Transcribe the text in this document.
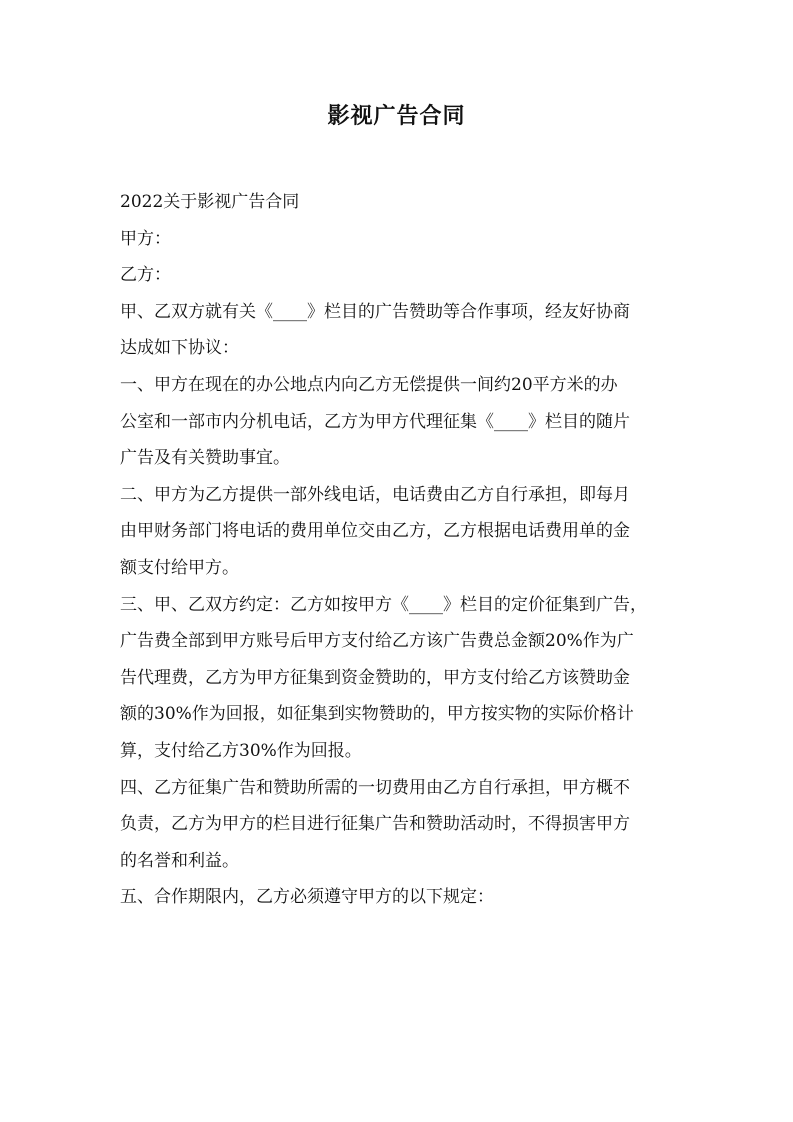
影视广告合同
2022关于影视广告合同
甲方：
乙方：
甲、乙双方就有关《____》栏目的广告赞助等合作事项，经友好协商
达成如下协议：
一、甲方在现在的办公地点内向乙方无偿提供一间约20平方米的办
公室和一部市内分机电话，乙方为甲方代理征集《____》栏目的随片
广告及有关赞助事宜。
二、甲方为乙方提供一部外线电话，电话费由乙方自行承担，即每月
由甲财务部门将电话的费用单位交由乙方，乙方根据电话费用单的金
额支付给甲方。
三、甲、乙双方约定：乙方如按甲方《____》栏目的定价征集到广告，
广告费全部到甲方账号后甲方支付给乙方该广告费总金额20%作为广
告代理费，乙方为甲方征集到资金赞助的，甲方支付给乙方该赞助金
额的30%作为回报，如征集到实物赞助的，甲方按实物的实际价格计
算，支付给乙方30%作为回报。
四、乙方征集广告和赞助所需的一切费用由乙方自行承担，甲方概不
负责，乙方为甲方的栏目进行征集广告和赞助活动时，不得损害甲方
的名誉和利益。
五、合作期限内，乙方必须遵守甲方的以下规定：
